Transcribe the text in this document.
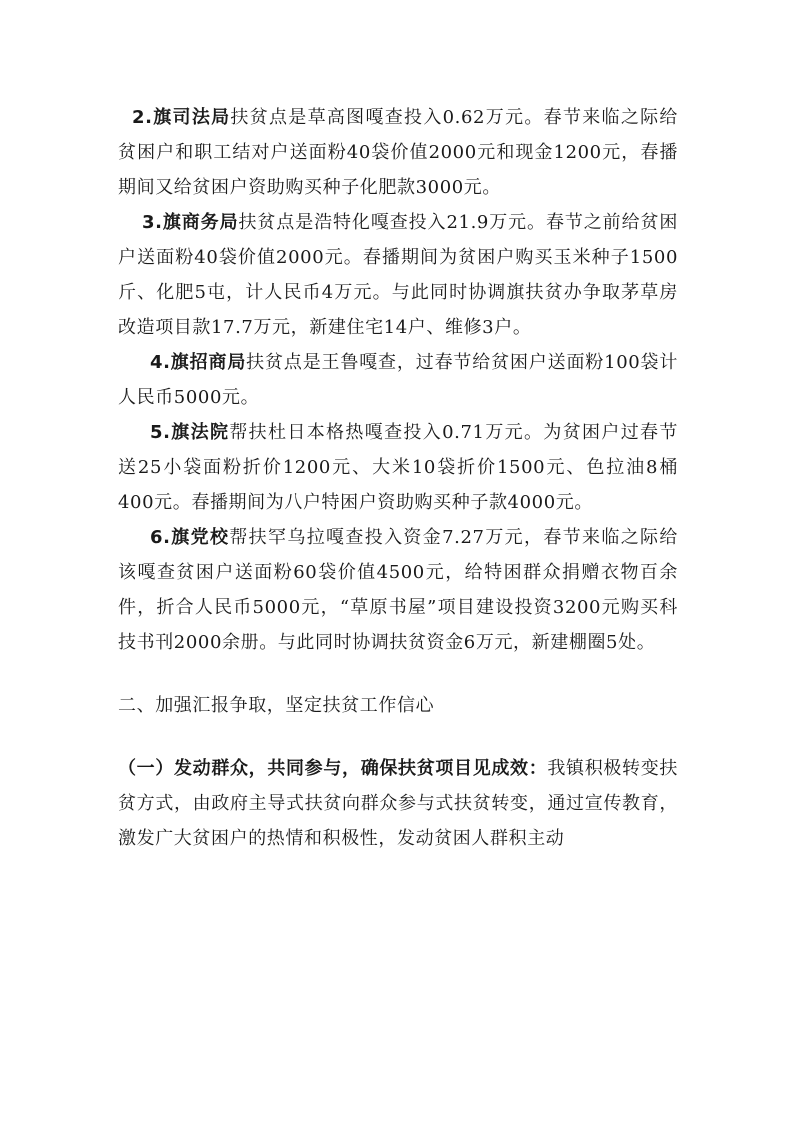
2.旗司法局扶贫点是草高图嘎查投入0.62万元。春节来临之际给贫困户和职工结对户送面粉40袋价值2000元和现金1200元，春播期间又给贫困户资助购买种子化肥款3000元。

3.旗商务局扶贫点是浩特化嘎查投入21.9万元。春节之前给贫困户送面粉40袋价值2000元。春播期间为贫困户购买玉米种子1500斤、化肥5屯，计人民币4万元。与此同时协调旗扶贫办争取茅草房改造项目款17.7万元，新建住宅14户、维修3户。

4.旗招商局扶贫点是王鲁嘎查，过春节给贫困户送面粉100袋计人民币5000元。

5.旗法院帮扶杜日本格热嘎查投入0.71万元。为贫困户过春节送25小袋面粉折价1200元、大米10袋折价1500元、色拉油8桶400元。春播期间为八户特困户资助购买种子款4000元。

6.旗党校帮扶罕乌拉嘎查投入资金7.27万元，春节来临之际给该嘎查贫困户送面粉60袋价值4500元，给特困群众捐赠衣物百余件，折合人民币5000元，“草原书屋”项目建设投资3200元购买科技书刊2000余册。与此同时协调扶贫资金6万元，新建棚圈5处。

二、加强汇报争取，坚定扶贫工作信心

（一）发动群众，共同参与，确保扶贫项目见成效：我镇积极转变扶贫方式，由政府主导式扶贫向群众参与式扶贫转变，通过宣传教育，激发广大贫困户的热情和积极性，发动贫困人群积主动
